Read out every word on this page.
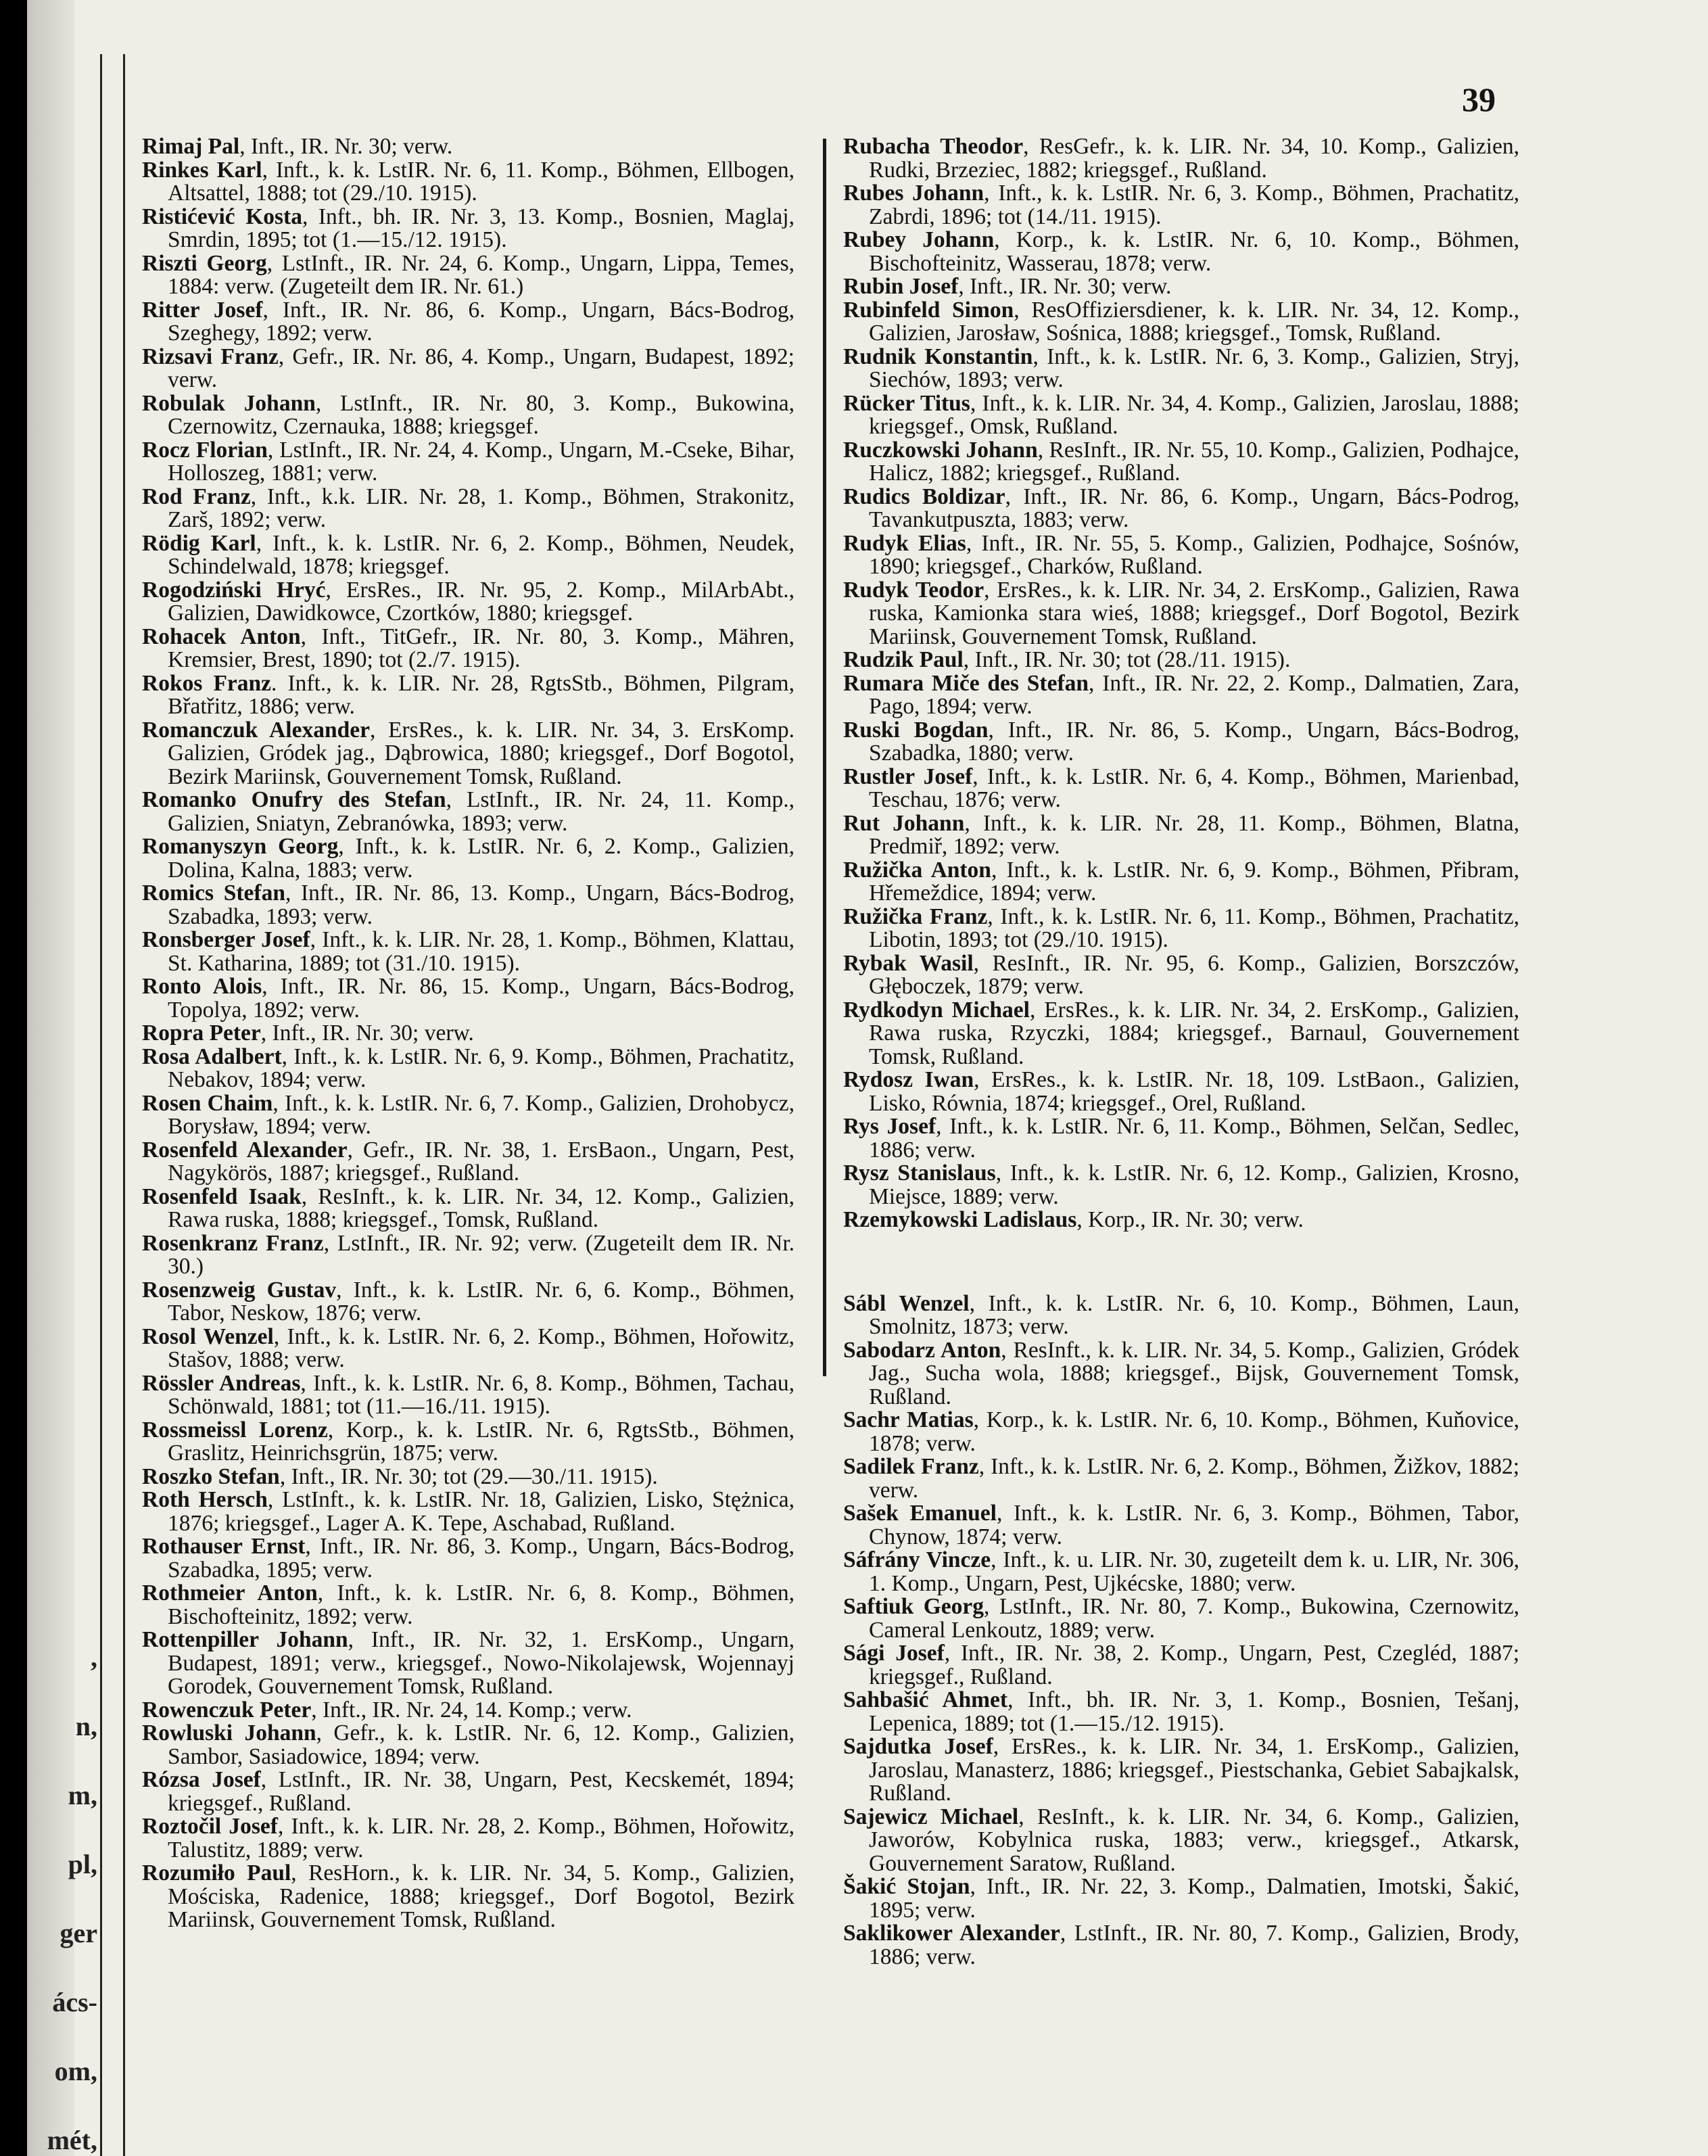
,
n,
m,
pl,
ger
ács-
om,
mét,
39
Rimaj Pal, Inft., IR. Nr. 30; verw.
Rinkes Karl, Inft., k. k. LstIR. Nr. 6, 11. Komp., Böhmen, Ellbogen, Altsattel, 1888; tot (29./10. 1915).
Ristićević Kosta, Inft., bh. IR. Nr. 3, 13. Komp., Bosnien, Maglaj, Smrdin, 1895; tot (1.—15./12. 1915).
Riszti Georg, LstInft., IR. Nr. 24, 6. Komp., Ungarn, Lippa, Temes, 1884: verw. (Zugeteilt dem IR. Nr. 61.)
Ritter Josef, Inft., IR. Nr. 86, 6. Komp., Ungarn, Bács-Bodrog, Szeghegy, 1892; verw.
Rizsavi Franz, Gefr., IR. Nr. 86, 4. Komp., Ungarn, Budapest, 1892; verw.
Robulak Johann, LstInft., IR. Nr. 80, 3. Komp., Bukowina, Czernowitz, Czernauka, 1888; kriegsgef.
Rocz Florian, LstInft., IR. Nr. 24, 4. Komp., Ungarn, M.-Cseke, Bihar, Holloszeg, 1881; verw.
Rod Franz, Inft., k.k. LIR. Nr. 28, 1. Komp., Böhmen, Strakonitz, Zarš, 1892; verw.
Rödig Karl, Inft., k. k. LstIR. Nr. 6, 2. Komp., Böhmen, Neudek, Schindelwald, 1878; kriegsgef.
Rogodziński Hryć, ErsRes., IR. Nr. 95, 2. Komp., MilArbAbt., Galizien, Dawidkowce, Czortków, 1880; kriegsgef.
Rohacek Anton, Inft., TitGefr., IR. Nr. 80, 3. Komp., Mähren, Kremsier, Brest, 1890; tot (2./7. 1915).
Rokos Franz. Inft., k. k. LIR. Nr. 28, RgtsStb., Böhmen, Pilgram, Břatřitz, 1886; verw.
Romanczuk Alexander, ErsRes., k. k. LIR. Nr. 34, 3. ErsKomp. Galizien, Gródek jag., Dąbrowica, 1880; kriegsgef., Dorf Bogotol, Bezirk Mariinsk, Gouvernement Tomsk, Rußland.
Romanko Onufry des Stefan, LstInft., IR. Nr. 24, 11. Komp., Galizien, Sniatyn, Zebranówka, 1893; verw.
Romanyszyn Georg, Inft., k. k. LstIR. Nr. 6, 2. Komp., Galizien, Dolina, Kalna, 1883; verw.
Romics Stefan, Inft., IR. Nr. 86, 13. Komp., Ungarn, Bács-Bodrog, Szabadka, 1893; verw.
Ronsberger Josef, Inft., k. k. LIR. Nr. 28, 1. Komp., Böhmen, Klattau, St. Katharina, 1889; tot (31./10. 1915).
Ronto Alois, Inft., IR. Nr. 86, 15. Komp., Ungarn, Bács-Bodrog, Topolya, 1892; verw.
Ropra Peter, Inft., IR. Nr. 30; verw.
Rosa Adalbert, Inft., k. k. LstIR. Nr. 6, 9. Komp., Böhmen, Prachatitz, Nebakov, 1894; verw.
Rosen Chaim, Inft., k. k. LstIR. Nr. 6, 7. Komp., Galizien, Drohobycz, Borysław, 1894; verw.
Rosenfeld Alexander, Gefr., IR. Nr. 38, 1. ErsBaon., Ungarn, Pest, Nagykörös, 1887; kriegsgef., Rußland.
Rosenfeld Isaak, ResInft., k. k. LIR. Nr. 34, 12. Komp., Galizien, Rawa ruska, 1888; kriegsgef., Tomsk, Rußland.
Rosenkranz Franz, LstInft., IR. Nr. 92; verw. (Zugeteilt dem IR. Nr. 30.)
Rosenzweig Gustav, Inft., k. k. LstIR. Nr. 6, 6. Komp., Böhmen, Tabor, Neskow, 1876; verw.
Rosol Wenzel, Inft., k. k. LstIR. Nr. 6, 2. Komp., Böhmen, Hořowitz, Stašov, 1888; verw.
Rössler Andreas, Inft., k. k. LstIR. Nr. 6, 8. Komp., Böhmen, Tachau, Schönwald, 1881; tot (11.—16./11. 1915).
Rossmeissl Lorenz, Korp., k. k. LstIR. Nr. 6, RgtsStb., Böhmen, Graslitz, Heinrichsgrün, 1875; verw.
Roszko Stefan, Inft., IR. Nr. 30; tot (29.—30./11. 1915).
Roth Hersch, LstInft., k. k. LstIR. Nr. 18, Galizien, Lisko, Stężnica, 1876; kriegsgef., Lager A. K. Tepe, Aschabad, Rußland.
Rothauser Ernst, Inft., IR. Nr. 86, 3. Komp., Ungarn, Bács-Bodrog, Szabadka, 1895; verw.
Rothmeier Anton, Inft., k. k. LstIR. Nr. 6, 8. Komp., Böhmen, Bischofteinitz, 1892; verw.
Rottenpiller Johann, Inft., IR. Nr. 32, 1. ErsKomp., Ungarn, Budapest, 1891; verw., kriegsgef., Nowo-Nikolajewsk, Wojennayj Gorodek, Gouvernement Tomsk, Rußland.
Rowenczuk Peter, Inft., IR. Nr. 24, 14. Komp.; verw.
Rowluski Johann, Gefr., k. k. LstIR. Nr. 6, 12. Komp., Galizien, Sambor, Sasiadowice, 1894; verw.
Rózsa Josef, LstInft., IR. Nr. 38, Ungarn, Pest, Kecskemét, 1894; kriegsgef., Rußland.
Roztočil Josef, Inft., k. k. LIR. Nr. 28, 2. Komp., Böhmen, Hořowitz, Talustitz, 1889; verw.
Rozumiło Paul, ResHorn., k. k. LIR. Nr. 34, 5. Komp., Galizien, Mościska, Radenice, 1888; kriegsgef., Dorf Bogotol, Bezirk Mariinsk, Gouvernement Tomsk, Rußland.
Rubacha Theodor, ResGefr., k. k. LIR. Nr. 34, 10. Komp., Galizien, Rudki, Brzeziec, 1882; kriegsgef., Rußland.
Rubes Johann, Inft., k. k. LstIR. Nr. 6, 3. Komp., Böhmen, Prachatitz, Zabrdi, 1896; tot (14./11. 1915).
Rubey Johann, Korp., k. k. LstIR. Nr. 6, 10. Komp., Böhmen, Bischofteinitz, Wasserau, 1878; verw.
Rubin Josef, Inft., IR. Nr. 30; verw.
Rubinfeld Simon, ResOffiziersdiener, k. k. LIR. Nr. 34, 12. Komp., Galizien, Jarosław, Sośnica, 1888; kriegsgef., Tomsk, Rußland.
Rudnik Konstantin, Inft., k. k. LstIR. Nr. 6, 3. Komp., Galizien, Stryj, Siechów, 1893; verw.
Rücker Titus, Inft., k. k. LIR. Nr. 34, 4. Komp., Galizien, Jaroslau, 1888; kriegsgef., Omsk, Rußland.
Ruczkowski Johann, ResInft., IR. Nr. 55, 10. Komp., Galizien, Podhajce, Halicz, 1882; kriegsgef., Rußland.
Rudics Boldizar, Inft., IR. Nr. 86, 6. Komp., Ungarn, Bács-Podrog, Tavankutpuszta, 1883; verw.
Rudyk Elias, Inft., IR. Nr. 55, 5. Komp., Galizien, Podhajce, Sośnów, 1890; kriegsgef., Charków, Rußland.
Rudyk Teodor, ErsRes., k. k. LIR. Nr. 34, 2. ErsKomp., Galizien, Rawa ruska, Kamionka stara wieś, 1888; kriegsgef., Dorf Bogotol, Bezirk Mariinsk, Gouvernement Tomsk, Rußland.
Rudzik Paul, Inft., IR. Nr. 30; tot (28./11. 1915).
Rumara Miče des Stefan, Inft., IR. Nr. 22, 2. Komp., Dalmatien, Zara, Pago, 1894; verw.
Ruski Bogdan, Inft., IR. Nr. 86, 5. Komp., Ungarn, Bács-Bodrog, Szabadka, 1880; verw.
Rustler Josef, Inft., k. k. LstIR. Nr. 6, 4. Komp., Böhmen, Marienbad, Teschau, 1876; verw.
Rut Johann, Inft., k. k. LIR. Nr. 28, 11. Komp., Böhmen, Blatna, Predmiř, 1892; verw.
Ružička Anton, Inft., k. k. LstIR. Nr. 6, 9. Komp., Böhmen, Přibram, Hřemeždice, 1894; verw.
Ružička Franz, Inft., k. k. LstIR. Nr. 6, 11. Komp., Böhmen, Prachatitz, Libotin, 1893; tot (29./10. 1915).
Rybak Wasil, ResInft., IR. Nr. 95, 6. Komp., Galizien, Borszczów, Głęboczek, 1879; verw.
Rydkodyn Michael, ErsRes., k. k. LIR. Nr. 34, 2. ErsKomp., Galizien, Rawa ruska, Rzyczki, 1884; kriegsgef., Barnaul, Gouvernement Tomsk, Rußland.
Rydosz Iwan, ErsRes., k. k. LstIR. Nr. 18, 109. LstBaon., Galizien, Lisko, Równia, 1874; kriegsgef., Orel, Rußland.
Rys Josef, Inft., k. k. LstIR. Nr. 6, 11. Komp., Böhmen, Selčan, Sedlec, 1886; verw.
Rysz Stanislaus, Inft., k. k. LstIR. Nr. 6, 12. Komp., Galizien, Krosno, Miejsce, 1889; verw.
Rzemykowski Ladislaus, Korp., IR. Nr. 30; verw.
Sábl Wenzel, Inft., k. k. LstIR. Nr. 6, 10. Komp., Böhmen, Laun, Smolnitz, 1873; verw.
Sabodarz Anton, ResInft., k. k. LIR. Nr. 34, 5. Komp., Galizien, Gródek Jag., Sucha wola, 1888; kriegsgef., Bijsk, Gouvernement Tomsk, Rußland.
Sachr Matias, Korp., k. k. LstIR. Nr. 6, 10. Komp., Böhmen, Kuňovice, 1878; verw.
Sadilek Franz, Inft., k. k. LstIR. Nr. 6, 2. Komp., Böhmen, Žižkov, 1882; verw.
Sašek Emanuel, Inft., k. k. LstIR. Nr. 6, 3. Komp., Böhmen, Tabor, Chynow, 1874; verw.
Sáfrány Vincze, Inft., k. u. LIR. Nr. 30, zugeteilt dem k. u. LIR, Nr. 306, 1. Komp., Ungarn, Pest, Ujkécske, 1880; verw.
Saftiuk Georg, LstInft., IR. Nr. 80, 7. Komp., Bukowina, Czernowitz, Cameral Lenkoutz, 1889; verw.
Sági Josef, Inft., IR. Nr. 38, 2. Komp., Ungarn, Pest, Czegléd, 1887; kriegsgef., Rußland.
Sahbašić Ahmet, Inft., bh. IR. Nr. 3, 1. Komp., Bosnien, Tešanj, Lepenica, 1889; tot (1.—15./12. 1915).
Sajdutka Josef, ErsRes., k. k. LIR. Nr. 34, 1. ErsKomp., Galizien, Jaroslau, Manasterz, 1886; kriegsgef., Piestschanka, Gebiet Sabajkalsk, Rußland.
Sajewicz Michael, ResInft., k. k. LIR. Nr. 34, 6. Komp., Galizien, Jaworów, Kobylnica ruska, 1883; verw., kriegsgef., Atkarsk, Gouvernement Saratow, Rußland.
Šakić Stojan, Inft., IR. Nr. 22, 3. Komp., Dalmatien, Imotski, Šakić, 1895; verw.
Saklikower Alexander, LstInft., IR. Nr. 80, 7. Komp., Galizien, Brody, 1886; verw.
